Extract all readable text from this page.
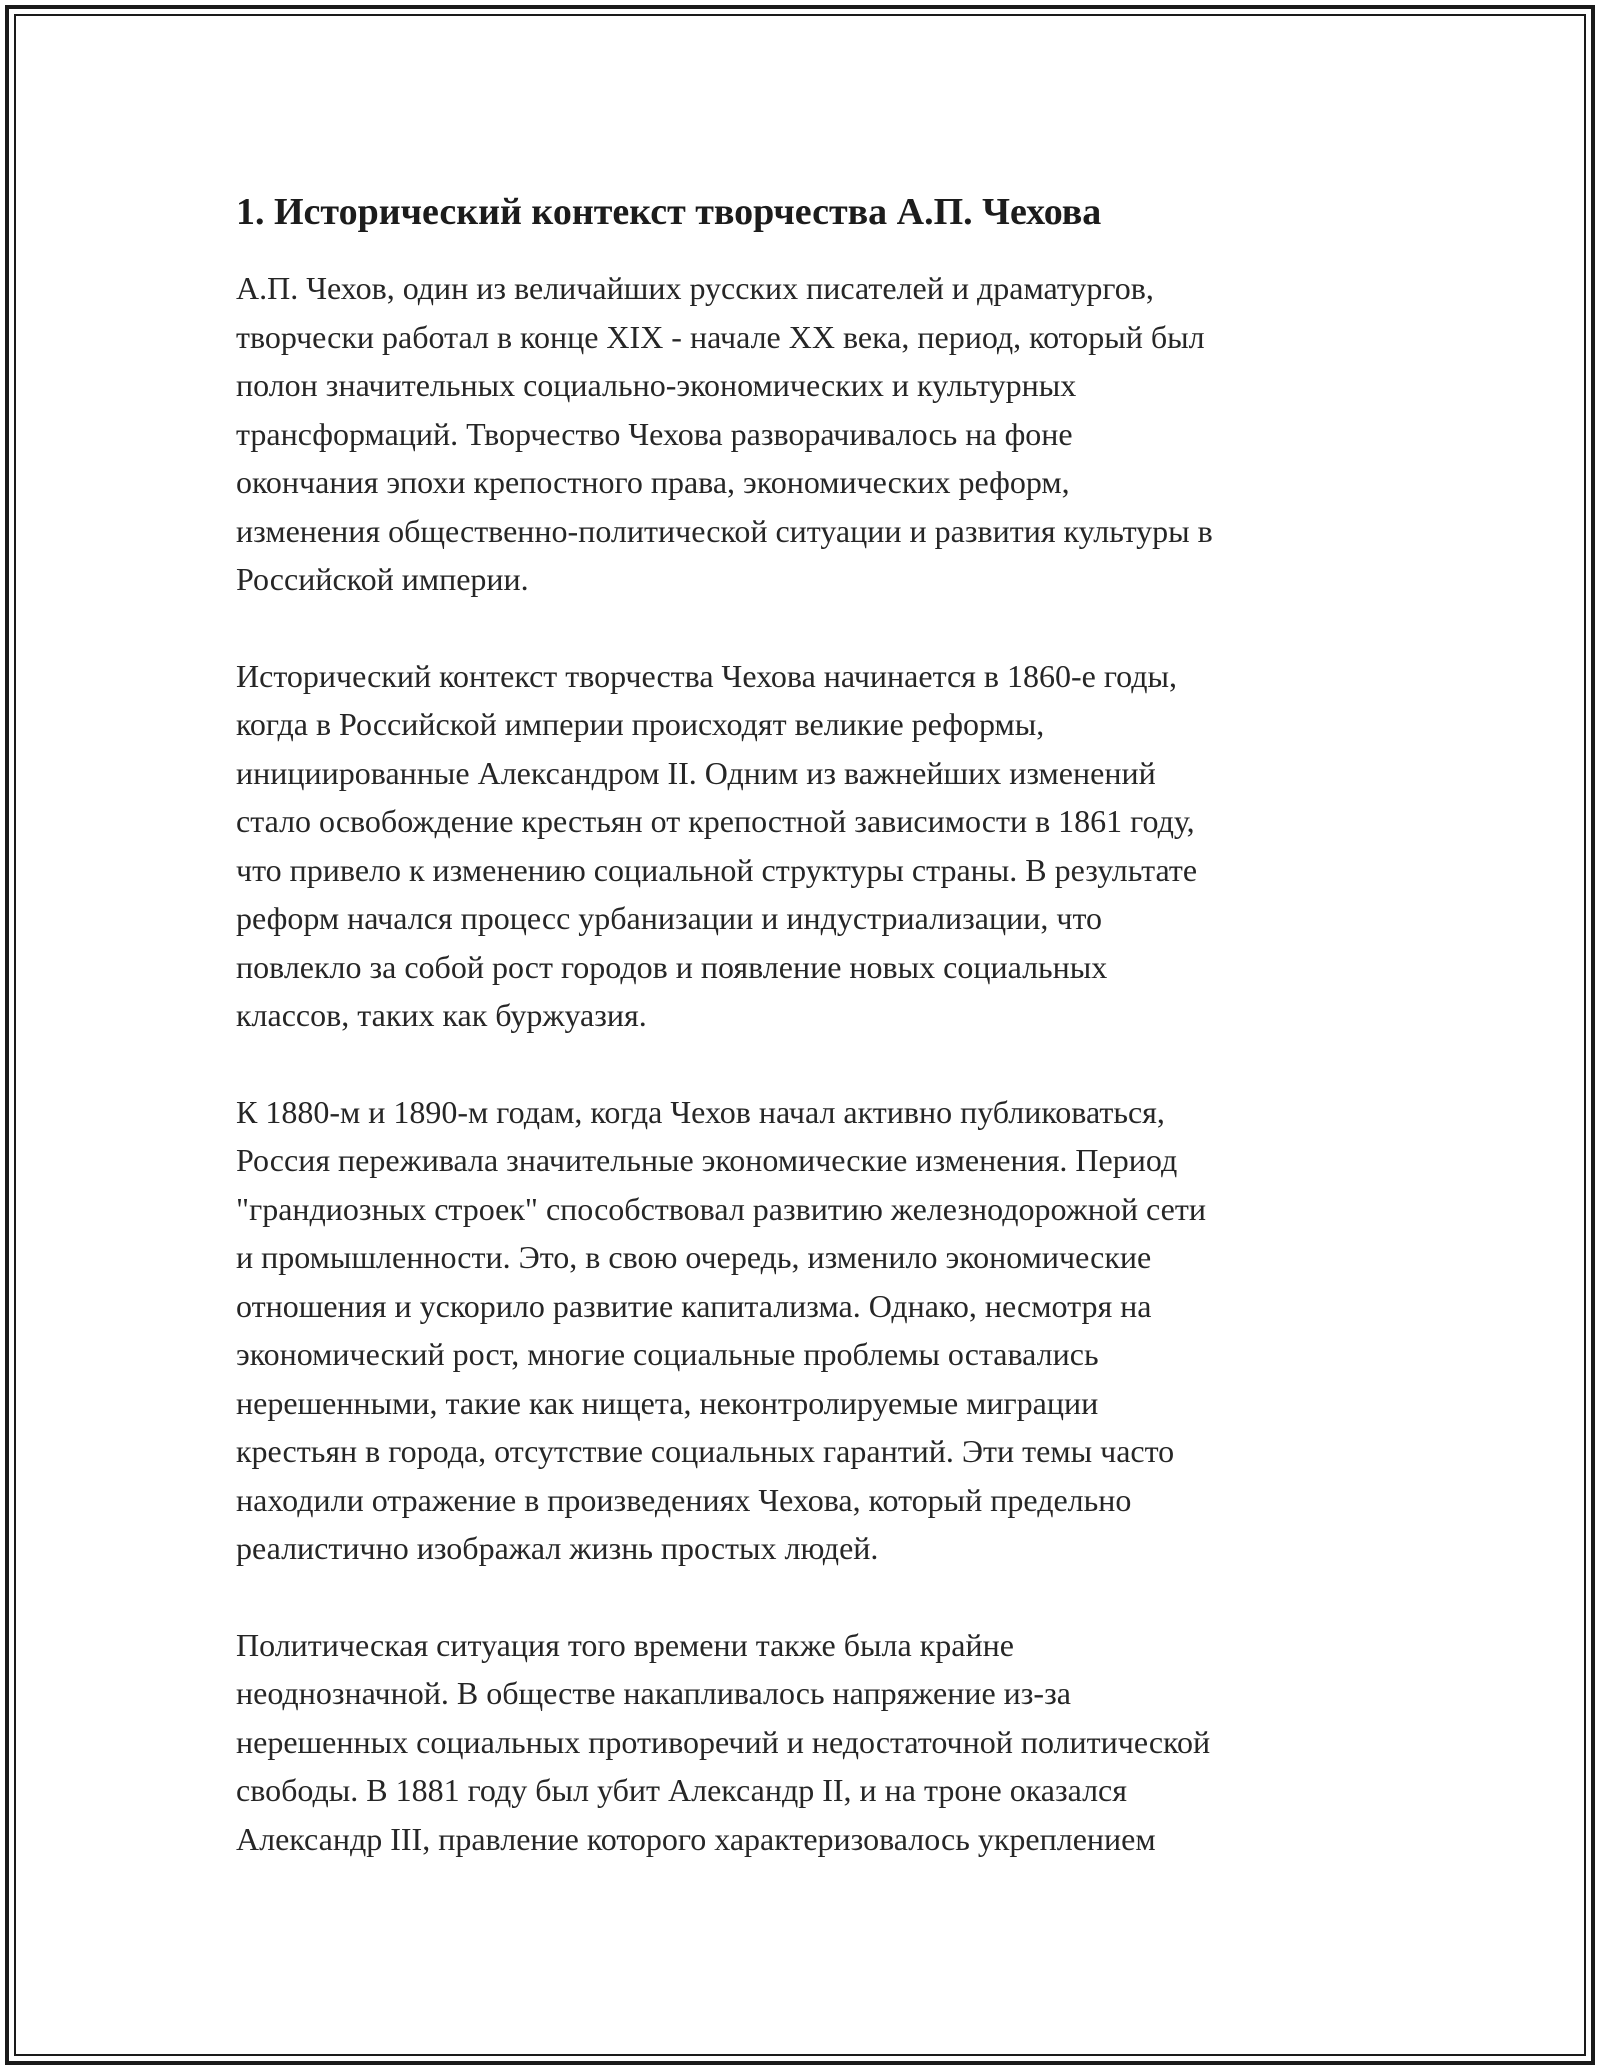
1. Исторический контекст творчества А.П. Чехова

А.П. Чехов, один из величайших русских писателей и драматургов,
творчески работал в конце XIX - начале XX века, период, который был
полон значительных социально-экономических и культурных
трансформаций. Творчество Чехова разворачивалось на фоне
окончания эпохи крепостного права, экономических реформ,
изменения общественно-политической ситуации и развития культуры в
Российской империи.

Исторический контекст творчества Чехова начинается в 1860-е годы,
когда в Российской империи происходят великие реформы,
инициированные Александром II. Одним из важнейших изменений
стало освобождение крестьян от крепостной зависимости в 1861 году,
что привело к изменению социальной структуры страны. В результате
реформ начался процесс урбанизации и индустриализации, что
повлекло за собой рост городов и появление новых социальных
классов, таких как буржуазия.

К 1880-м и 1890-м годам, когда Чехов начал активно публиковаться,
Россия переживала значительные экономические изменения. Период
"грандиозных строек" способствовал развитию железнодорожной сети
и промышленности. Это, в свою очередь, изменило экономические
отношения и ускорило развитие капитализма. Однако, несмотря на
экономический рост, многие социальные проблемы оставались
нерешенными, такие как нищета, неконтролируемые миграции
крестьян в города, отсутствие социальных гарантий. Эти темы часто
находили отражение в произведениях Чехова, который предельно
реалистично изображал жизнь простых людей.

Политическая ситуация того времени также была крайне
неоднозначной. В обществе накапливалось напряжение из-за
нерешенных социальных противоречий и недостаточной политической
свободы. В 1881 году был убит Александр II, и на троне оказался
Александр III, правление которого характеризовалось укреплением
